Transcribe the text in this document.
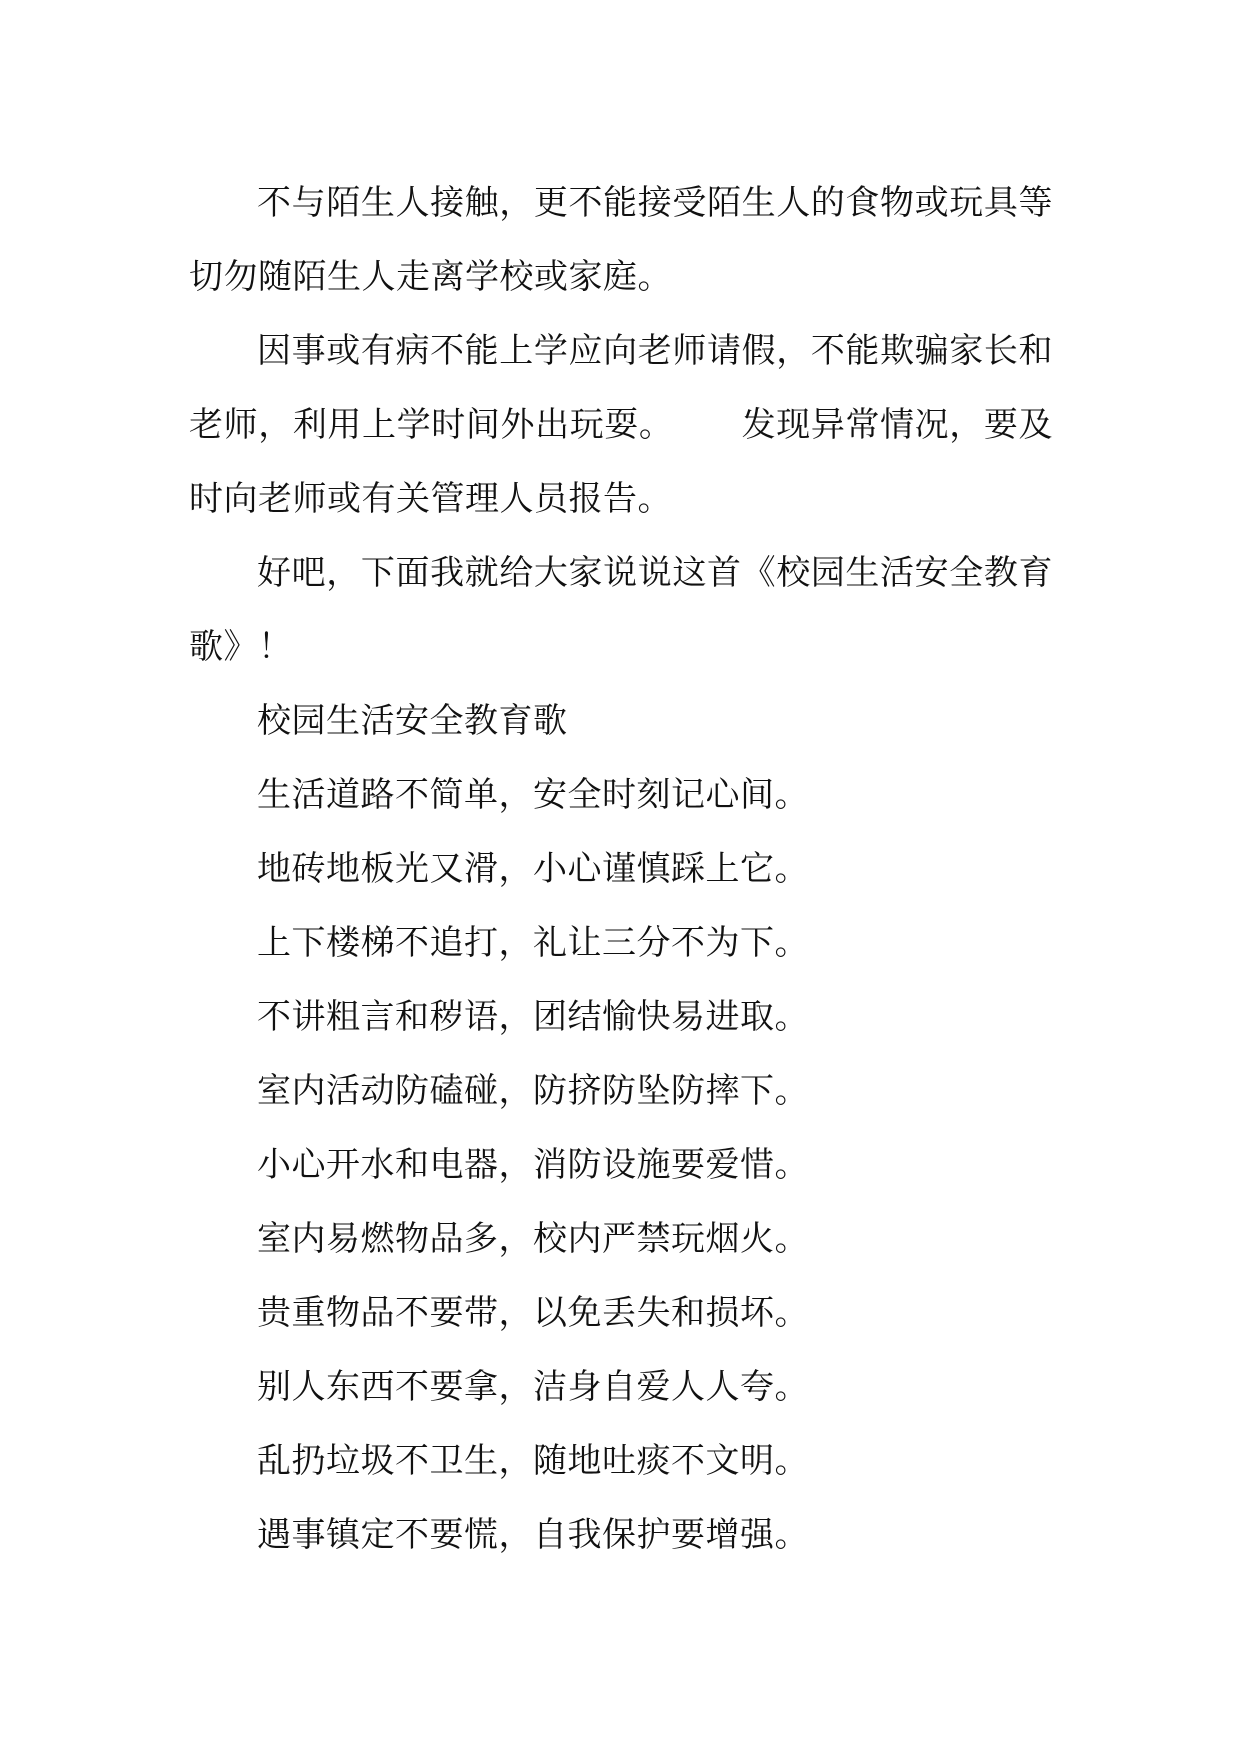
不与陌生人接触，更不能接受陌生人的食物或玩具等切勿随陌生人走离学校或家庭。

因事或有病不能上学应向老师请假，不能欺骗家长和老师，利用上学时间外出玩耍。 发现异常情况，要及时向老师或有关管理人员报告。

好吧，下面我就给大家说说这首《校园生活安全教育歌》！

校园生活安全教育歌

生活道路不简单，安全时刻记心间。

地砖地板光又滑，小心谨慎踩上它。

上下楼梯不追打，礼让三分不为下。

不讲粗言和秽语，团结愉快易进取。

室内活动防磕碰，防挤防坠防摔下。

小心开水和电器，消防设施要爱惜。

室内易燃物品多，校内严禁玩烟火。

贵重物品不要带，以免丢失和损坏。

别人东西不要拿，洁身自爱人人夸。

乱扔垃圾不卫生，随地吐痰不文明。

遇事镇定不要慌，自我保护要增强。
